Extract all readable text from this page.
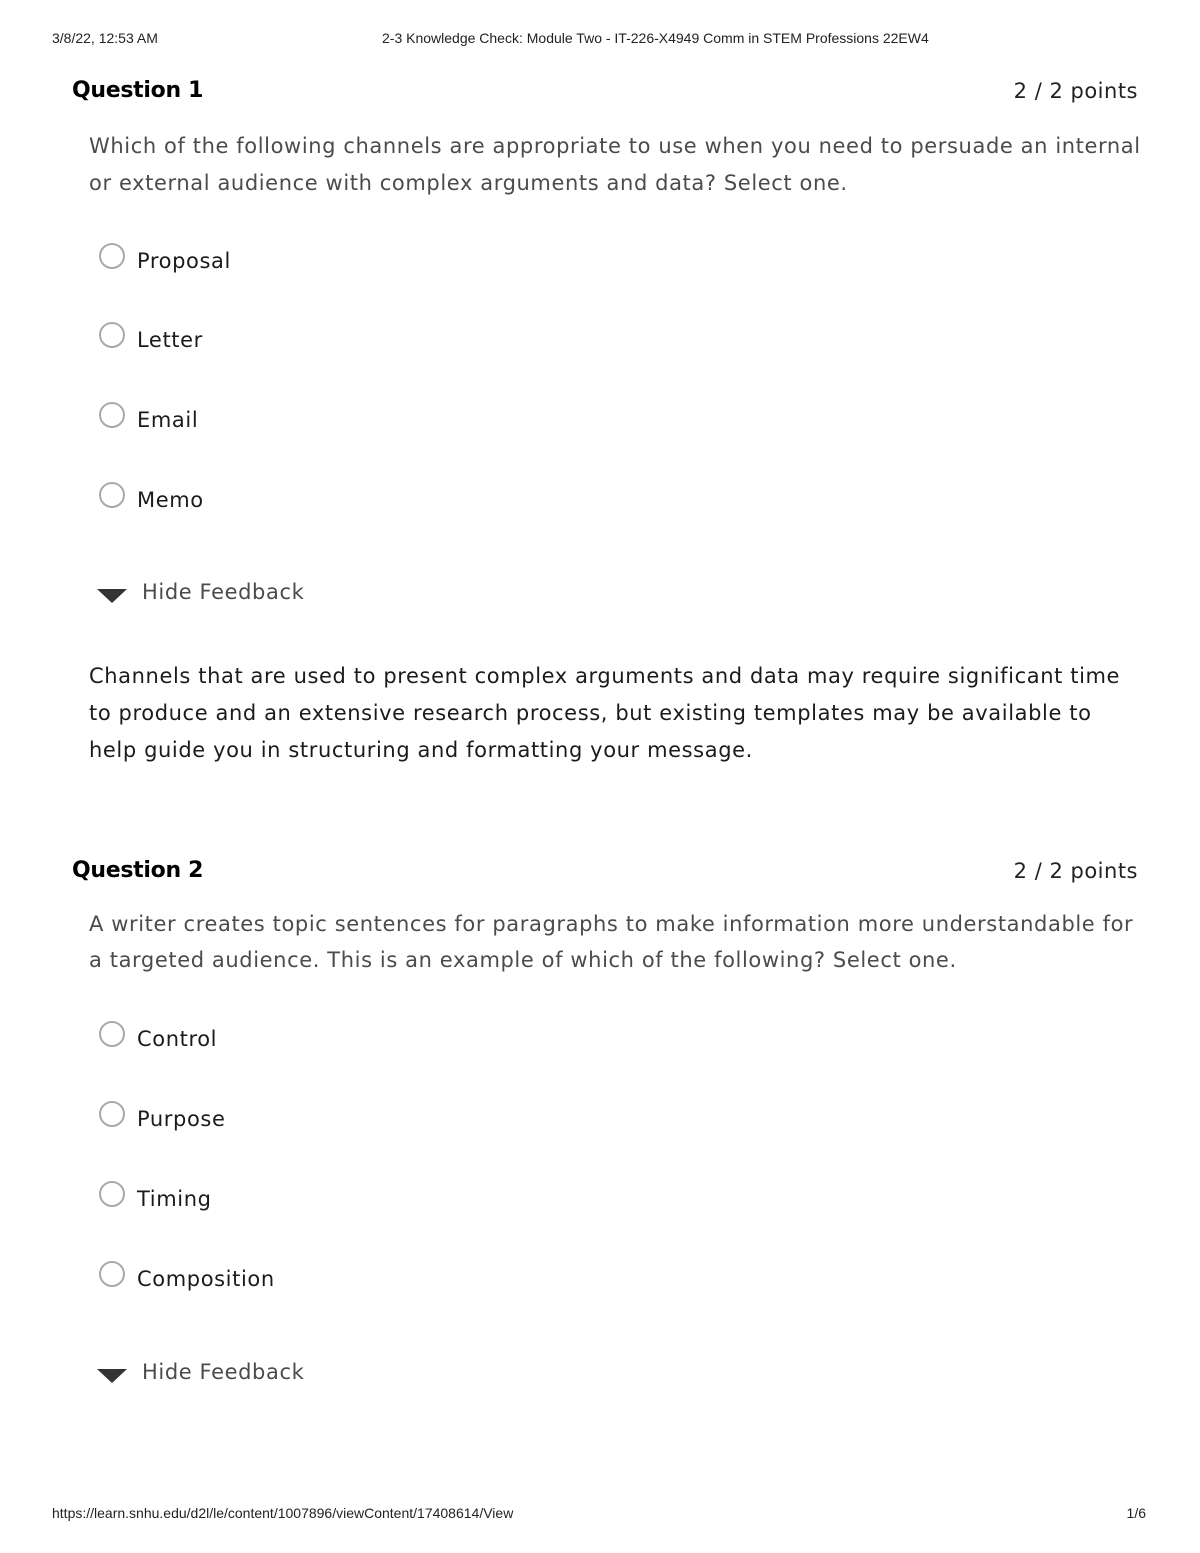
3/8/22, 12:53 AM	2-3 Knowledge Check: Module Two - IT-226-X4949 Comm in STEM Professions 22EW4
Question 1	2 / 2 points
Which of the following channels are appropriate to use when you need to persuade an internal or external audience with complex arguments and data? Select one.
Proposal
Letter
Email
Memo
Hide Feedback
Channels that are used to present complex arguments and data may require significant time to produce and an extensive research process, but existing templates may be available to help guide you in structuring and formatting your message.
Question 2	2 / 2 points
A writer creates topic sentences for paragraphs to make information more understandable for a targeted audience. This is an example of which of the following? Select one.
Control
Purpose
Timing
Composition
Hide Feedback
https://learn.snhu.edu/d2l/le/content/1007896/viewContent/17408614/View	1/6
